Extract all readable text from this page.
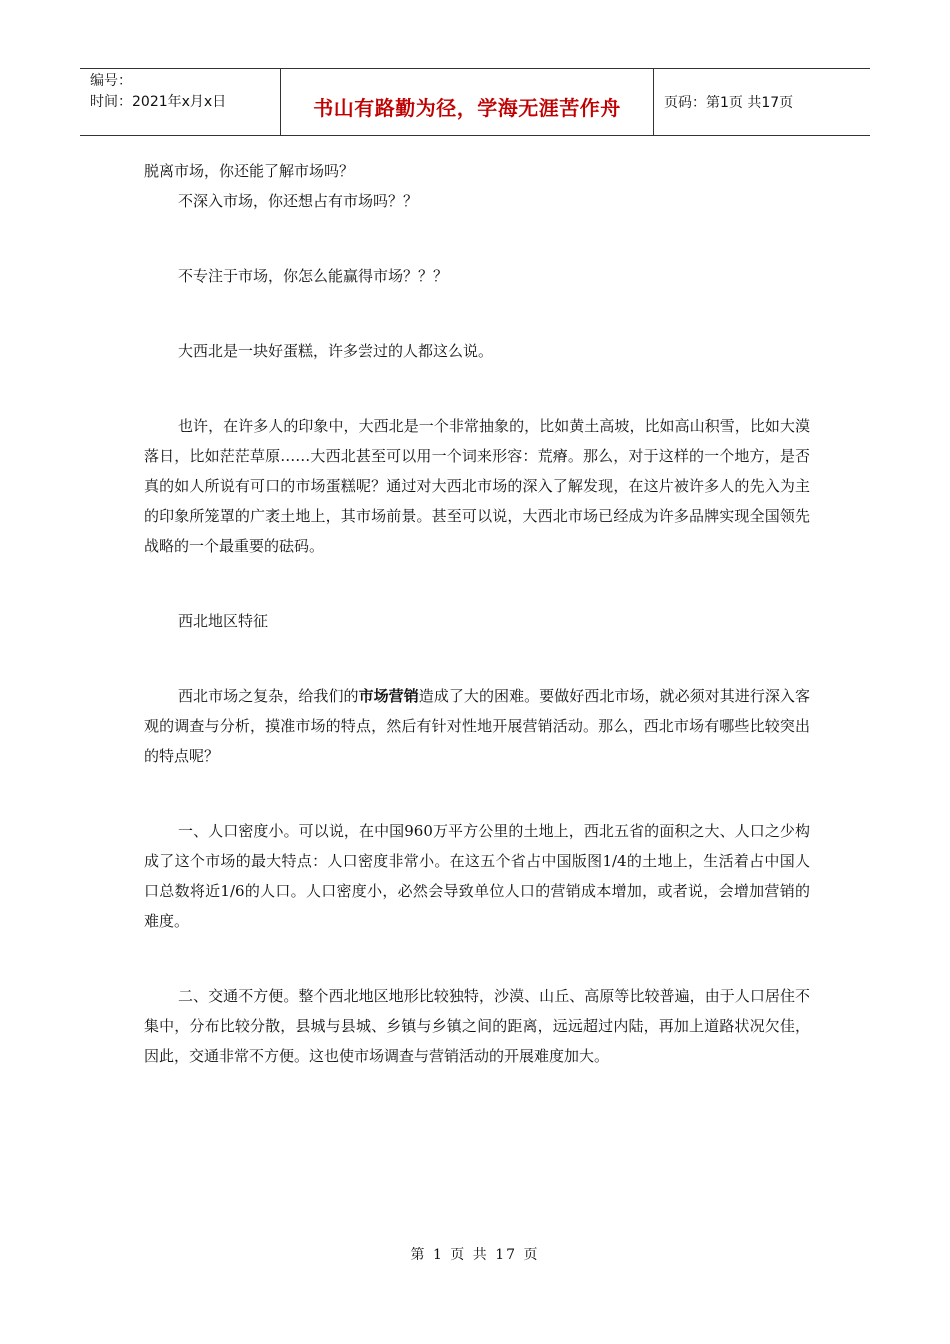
编号：
时间：2021年x月x日	书山有路勤为径，学海无涯苦作舟	页码：第1页 共17页

脱离市场，你还能了解市场吗？

不深入市场，你还想占有市场吗？？

不专注于市场，你怎么能赢得市场？？？

大西北是一块好蛋糕，许多尝过的人都这么说。

也许，在许多人的印象中，大西北是一个非常抽象的，比如黄土高坡，比如高山积雪，比如大漠落日，比如茫茫草原……大西北甚至可以用一个词来形容：荒瘠。那么，对于这样的一个地方，是否真的如人所说有可口的市场蛋糕呢？通过对大西北市场的深入了解发现，在这片被许多人的先入为主的印象所笼罩的广袤土地上，其市场前景。甚至可以说，大西北市场已经成为许多品牌实现全国领先战略的一个最重要的砝码。

西北地区特征

西北市场之复杂，给我们的市场营销造成了大的困难。要做好西北市场，就必须对其进行深入客观的调查与分析，摸准市场的特点，然后有针对性地开展营销活动。那么，西北市场有哪些比较突出的特点呢？

一、人口密度小。可以说，在中国960万平方公里的土地上，西北五省的面积之大、人口之少构成了这个市场的最大特点：人口密度非常小。在这五个省占中国版图1/4的土地上，生活着占中国人口总数将近1/6的人口。人口密度小，必然会导致单位人口的营销成本增加，或者说，会增加营销的难度。

二、交通不方便。整个西北地区地形比较独特，沙漠、山丘、高原等比较普遍，由于人口居住不集中，分布比较分散，县城与县城、乡镇与乡镇之间的距离，远远超过内陆，再加上道路状况欠佳，因此，交通非常不方便。这也使市场调查与营销活动的开展难度加大。

第 1 页 共 17 页
